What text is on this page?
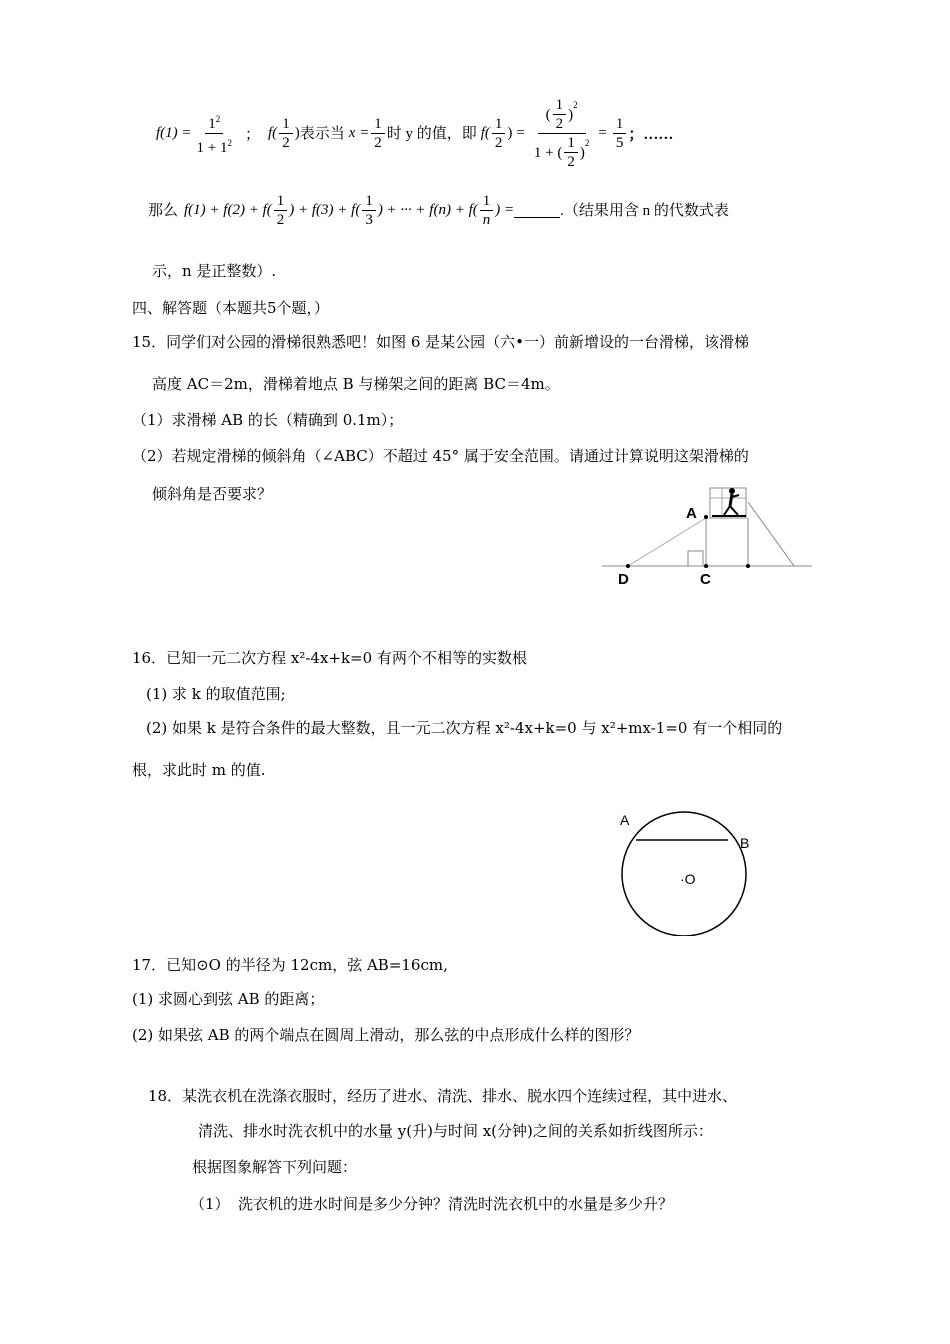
$f(1) = \frac{1^2}{1 + 1^2}$ ； $f( \frac{1}{2}$ ) 表示当 $x = \frac{1}{2}$ 时 y 的值，即 $f( \frac{1}{2}$ ) = ( $\frac{1}{2}$ )
$^2$
1 + ( $\frac{1}{2}$ )
$^2 = \frac{1}{5}$ ；……
那么 $f(1) + f(2) + f( \frac{1}{2}$ ) + $f(3) + f( \frac{1}{3}$ ) + ··· + $f(n) + f( \frac{1}{n}$ ) =	.（结果用含 n 的代数式表
示，n 是正整数）.
四、解答题（本题共5个题，）
15．同学们对公园的滑梯很熟悉吧！如图 6 是某公园（六•一）前新增设的一台滑梯，该滑梯
高度 AC＝2m，滑梯着地点 B 与梯架之间的距离 BC＝4m。
（1）求滑梯 AB 的长（精确到 0.1m）；
（2）若规定滑梯的倾斜角（∠ABC）不超过 45° 属于安全范围。请通过计算说明这架滑梯的
倾斜角是否要求？
A
D	C
16．已知一元二次方程 x²-4x+k=0 有两个不相等的实数根
(1) 求 k 的取值范围;
(2) 如果 k 是符合条件的最大整数，且一元二次方程 x²-4x+k=0 与 x²+mx-1=0 有一个相同的
根，求此时 m 的值.
A
B
·O
17．已知⊙O 的半径为 12cm，弦 AB=16cm,
(1) 求圆心到弦 AB 的距离；
(2) 如果弦 AB 的两个端点在圆周上滑动，那么弦的中点形成什么样的图形？
18．某洗衣机在洗涤衣服时，经历了进水、清洗、排水、脱水四个连续过程，其中进水、
清洗、排水时洗衣机中的水量 y(升)与时间 x(分钟)之间的关系如折线图所示：
根据图象解答下列问题：
（1） 洗衣机的进水时间是多少分钟？清洗时洗衣机中的水量是多少升？
